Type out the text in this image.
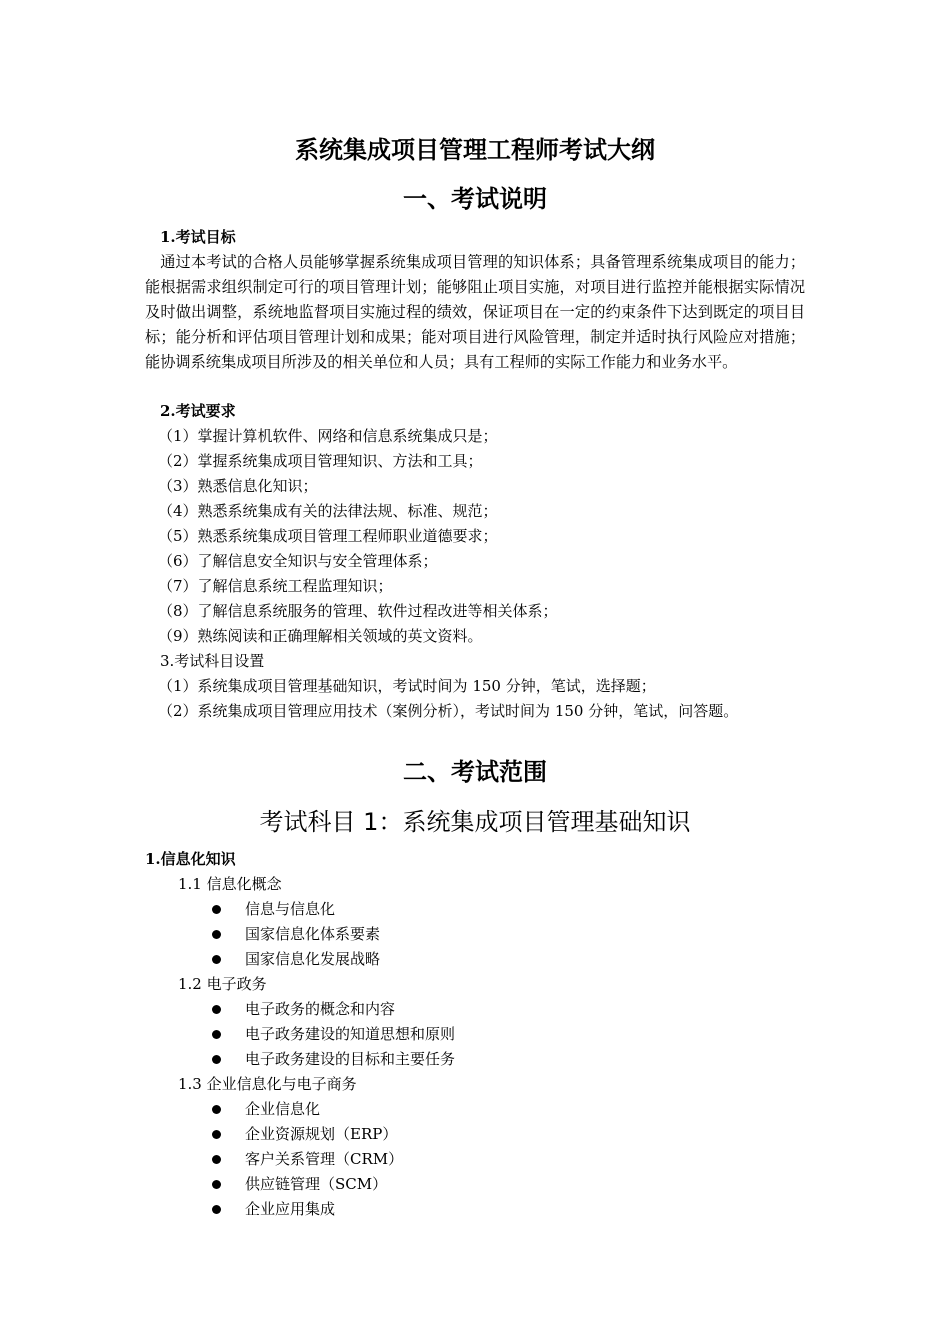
系统集成项目管理工程师考试大纲
一、考试说明
1.考试目标
通过本考试的合格人员能够掌握系统集成项目管理的知识体系；具备管理系统集成项目的能力；能根据需求组织制定可行的项目管理计划；能够阻止项目实施，对项目进行监控并能根据实际情况及时做出调整，系统地监督项目实施过程的绩效，保证项目在一定的约束条件下达到既定的项目目标；能分析和评估项目管理计划和成果；能对项目进行风险管理，制定并适时执行风险应对措施；能协调系统集成项目所涉及的相关单位和人员；具有工程师的实际工作能力和业务水平。
2.考试要求
（1）掌握计算机软件、网络和信息系统集成只是；
（2）掌握系统集成项目管理知识、方法和工具；
（3）熟悉信息化知识；
（4）熟悉系统集成有关的法律法规、标准、规范；
（5）熟悉系统集成项目管理工程师职业道德要求；
（6）了解信息安全知识与安全管理体系；
（7）了解信息系统工程监理知识；
（8）了解信息系统服务的管理、软件过程改进等相关体系；
（9）熟练阅读和正确理解相关领域的英文资料。
3.考试科目设置
（1）系统集成项目管理基础知识，考试时间为 150 分钟，笔试，选择题；
（2）系统集成项目管理应用技术（案例分析），考试时间为 150 分钟，笔试，问答题。
二、考试范围
考试科目 1：系统集成项目管理基础知识
1.信息化知识
1.1 信息化概念
信息与信息化
国家信息化体系要素
国家信息化发展战略
1.2 电子政务
电子政务的概念和内容
电子政务建设的知道思想和原则
电子政务建设的目标和主要任务
1.3 企业信息化与电子商务
企业信息化
企业资源规划（ERP）
客户关系管理（CRM）
供应链管理（SCM）
企业应用集成
